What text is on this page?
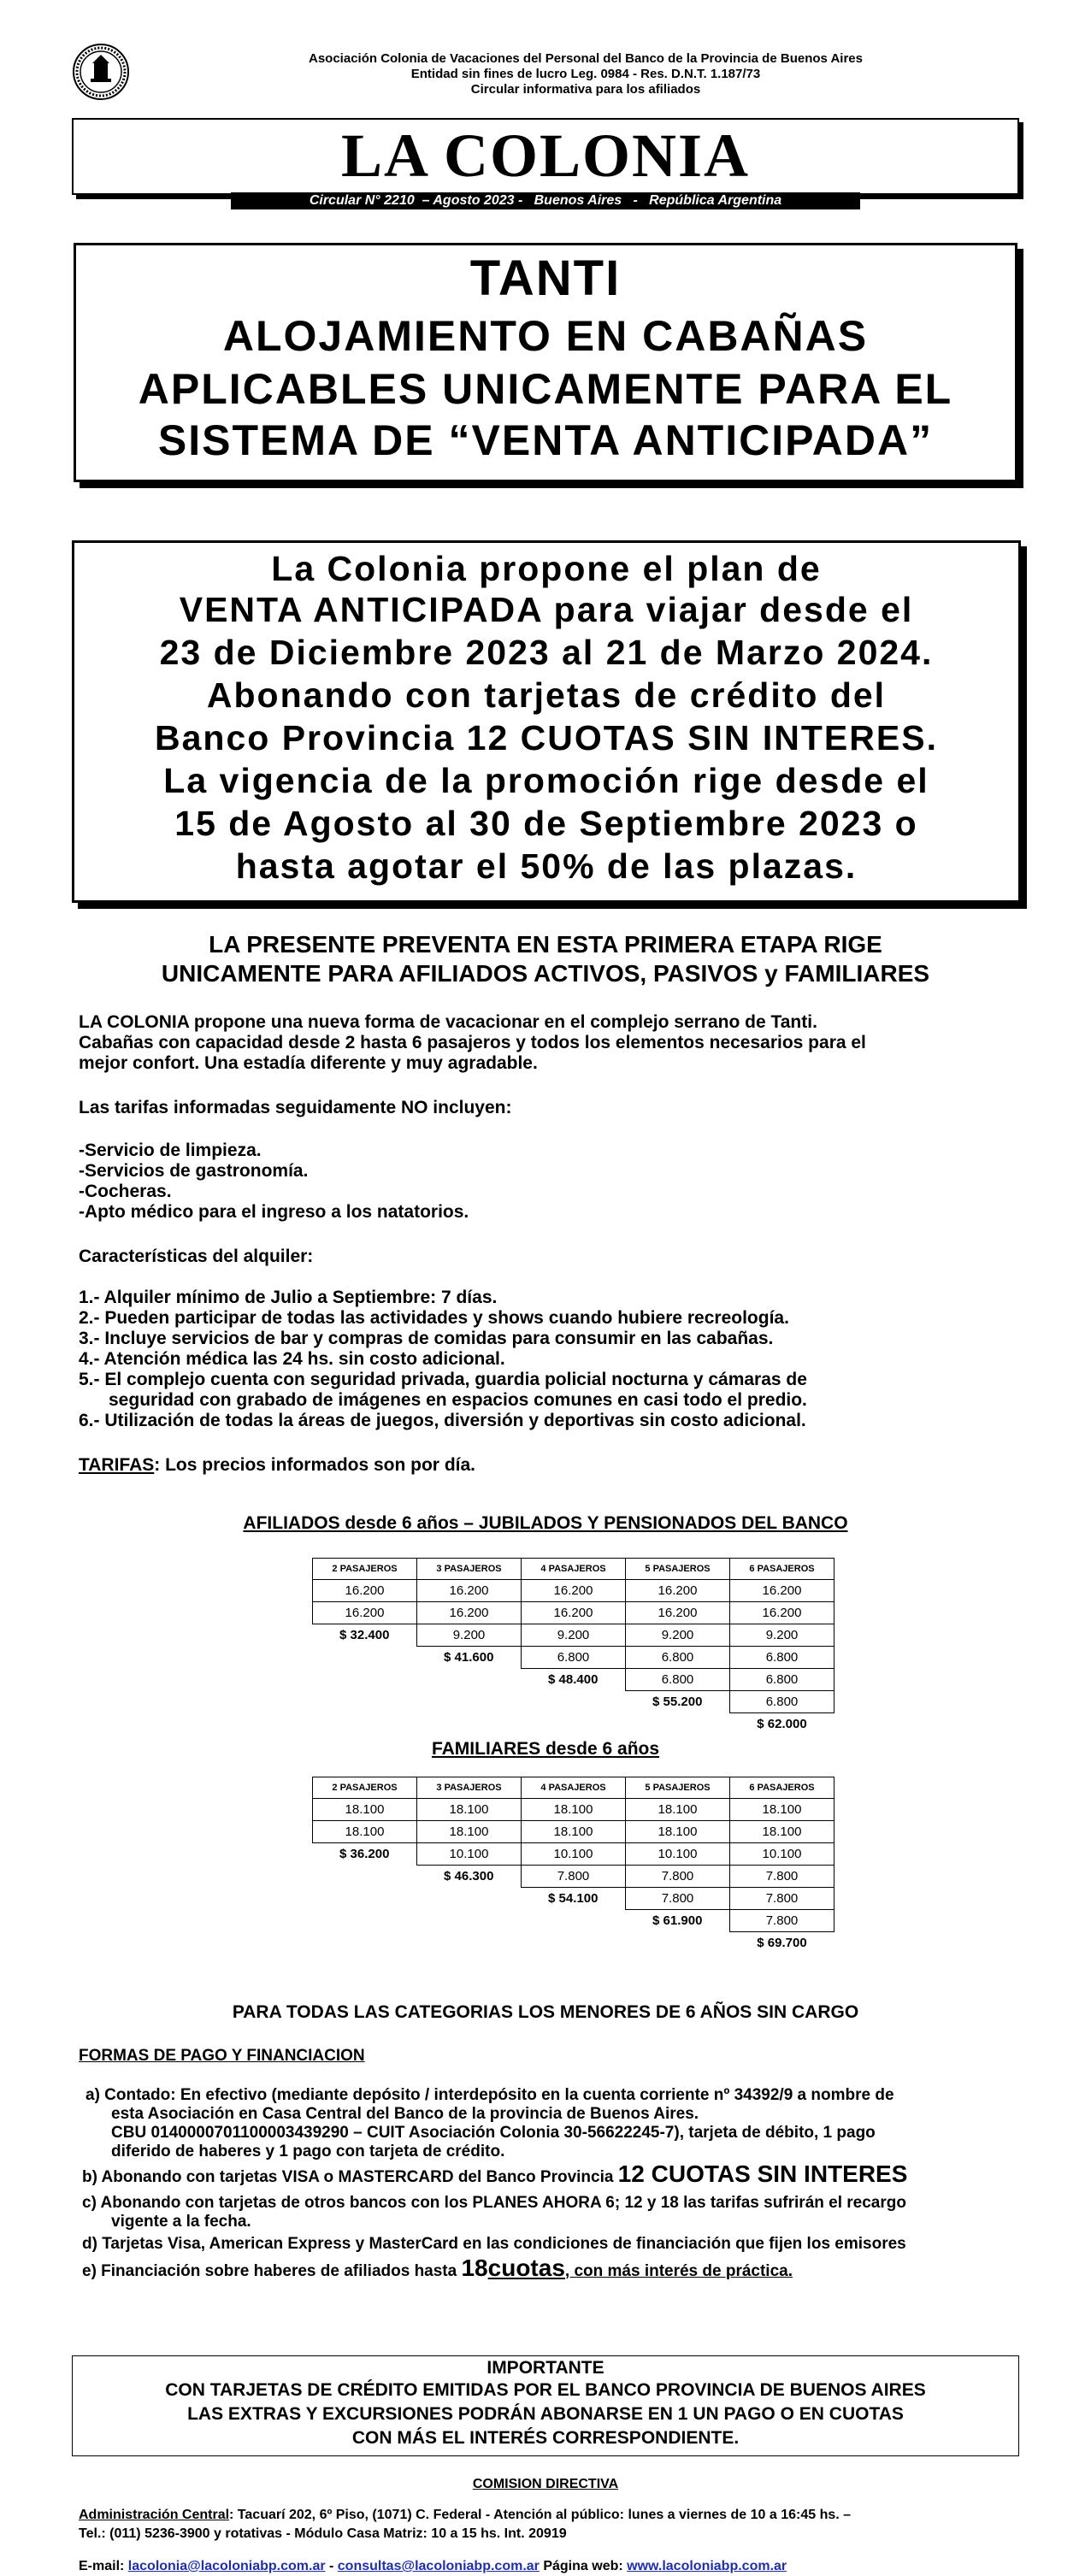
Asociación Colonia de Vacaciones del Personal del Banco de la Provincia de Buenos Aires
Entidad sin fines de lucro Leg. 0984 - Res. D.N.T. 1.187/73
Circular informativa para los afiliados
LA COLONIA
Circular N° 2210  – Agosto 2023 -   Buenos Aires   -   República Argentina
TANTI
ALOJAMIENTO EN CABAÑAS
APLICABLES UNICAMENTE PARA EL
SISTEMA DE “VENTA ANTICIPADA”
La Colonia propone el plan de
VENTA ANTICIPADA para viajar desde el
23 de Diciembre 2023 al 21 de Marzo 2024.
Abonando con tarjetas de crédito del
Banco Provincia 12 CUOTAS SIN INTERES.
La vigencia de la promoción rige desde el
15 de Agosto al 30 de Septiembre 2023 o
hasta agotar el 50% de las plazas.
LA PRESENTE PREVENTA EN ESTA PRIMERA ETAPA RIGE
UNICAMENTE PARA AFILIADOS ACTIVOS, PASIVOS y FAMILIARES
LA COLONIA propone una nueva forma de vacacionar en el complejo serrano de Tanti.
Cabañas con capacidad desde 2 hasta 6 pasajeros y todos los elementos necesarios para el
mejor confort. Una estadía diferente y muy agradable.
Las tarifas informadas seguidamente NO incluyen:
-Servicio de limpieza.
-Servicios de gastronomía.
-Cocheras.
-Apto médico para el ingreso a los natatorios.
Características del alquiler:
1.- Alquiler mínimo de Julio a Septiembre: 7 días.
2.- Pueden participar de todas las actividades y shows cuando hubiere recreología.
3.- Incluye servicios de bar y compras de comidas para consumir en las cabañas.
4.- Atención médica las 24 hs. sin costo adicional.
5.- El complejo cuenta con seguridad privada, guardia policial nocturna y cámaras de
seguridad con grabado de imágenes en espacios comunes en casi todo el predio.
6.- Utilización de todas la áreas de juegos, diversión y deportivas sin costo adicional.
TARIFAS: Los precios informados son por día.
AFILIADOS desde 6 años – JUBILADOS Y PENSIONADOS DEL BANCO
2 PASAJEROS	3 PASAJEROS	4 PASAJEROS	5 PASAJEROS	6 PASAJEROS
16.200	16.200	16.200	16.200	16.200
16.200	16.200	16.200	16.200	16.200
$ 32.400	9.200	9.200	9.200	9.200
	$ 41.600	6.800	6.800	6.800
		$ 48.400	6.800	6.800
			$ 55.200	6.800
				$ 62.000
FAMILIARES desde 6 años
2 PASAJEROS	3 PASAJEROS	4 PASAJEROS	5 PASAJEROS	6 PASAJEROS
18.100	18.100	18.100	18.100	18.100
18.100	18.100	18.100	18.100	18.100
$ 36.200	10.100	10.100	10.100	10.100
	$ 46.300	7.800	7.800	7.800
		$ 54.100	7.800	7.800
			$ 61.900	7.800
				$ 69.700
PARA TODAS LAS CATEGORIAS LOS MENORES DE 6 AÑOS SIN CARGO
FORMAS DE PAGO Y FINANCIACION
a) Contado: En efectivo (mediante depósito / interdepósito en la cuenta corriente nº 34392/9 a nombre de
esta Asociación en Casa Central del Banco de la provincia de Buenos Aires.
CBU 0140000701100003439290 – CUIT Asociación Colonia 30-56622245-7), tarjeta de débito, 1 pago
diferido de haberes y 1 pago con tarjeta de crédito.
b) Abonando con tarjetas VISA o MASTERCARD del Banco Provincia 12 CUOTAS SIN INTERES
c) Abonando con tarjetas de otros bancos con los PLANES AHORA 6; 12 y 18 las tarifas sufrirán el recargo
vigente a la fecha.
d) Tarjetas Visa, American Express y MasterCard en las condiciones de financiación que fijen los emisores
e) Financiación sobre haberes de afiliados hasta 18cuotas, con más interés de práctica.
IMPORTANTE
CON TARJETAS DE CRÉDITO EMITIDAS POR EL BANCO PROVINCIA DE BUENOS AIRES
LAS EXTRAS Y EXCURSIONES PODRÁN ABONARSE EN 1 UN PAGO O EN CUOTAS
CON MÁS EL INTERÉS CORRESPONDIENTE.
COMISION DIRECTIVA
Administración Central: Tacuarí 202, 6º Piso, (1071) C. Federal - Atención al público: lunes a viernes de 10 a 16:45 hs. –
Tel.: (011) 5236-3900 y rotativas - Módulo Casa Matriz: 10 a 15 hs. Int. 20919
E-mail: lacolonia@lacoloniabp.com.ar - consultas@lacoloniabp.com.ar Página web: www.lacoloniabp.com.ar
